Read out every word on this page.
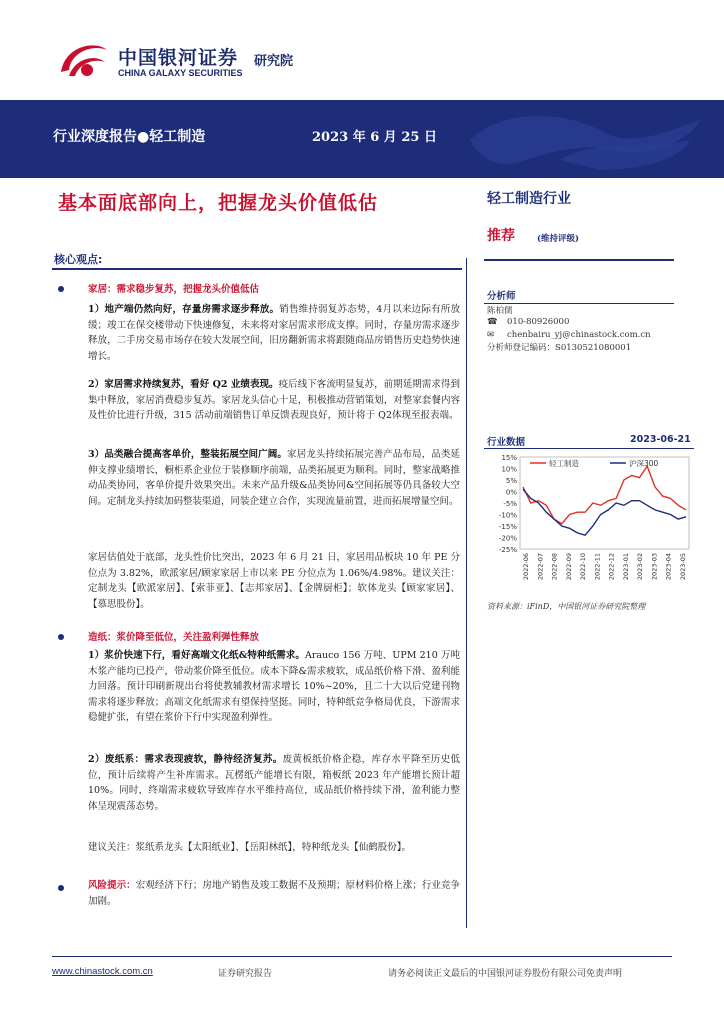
中国银河证券
CHINA GALAXY SECURITIES
研究院
行业深度报告●轻工制造	2023 年 6 月 25 日
基本面底部向上，把握龙头价值低估
核心观点:
家居：需求稳步复苏，把握龙头价值低估
1）地产端仍然向好，存量房需求逐步释放。销售维持弱复苏态势，4月以来边际有所放缓；竣工在保交楼带动下快速修复，未来将对家居需求形成支撑。同时，存量房需求逐步释放，二手房交易市场存在较大发展空间，旧房翻新需求将跟随商品房销售历史趋势快速增长。
2）家居需求持续复苏，看好 Q2 业绩表现。疫后线下客流明显复苏，前期延期需求得到集中释放，家居消费稳步复苏。家居龙头信心十足，积极推动营销策划，对整家套餐内容及性价比进行升级，315 活动前端销售订单反馈表现良好，预计将于 Q2体现至报表端。
3）品类融合提高客单价，整装拓展空间广阔。家居龙头持续拓展完善产品布局，品类延伸支撑业绩增长，橱柜系企业位于装修顺序前端，品类拓展更为顺利。同时，整家战略推动品类协同，客单价提升效果突出。未来产品升级&品类协同&空间拓展等仍具备较大空间。定制龙头持续加码整装渠道，同装企建立合作，实现流量前置，进而拓展增量空间。
家居估值处于底部，龙头性价比突出，2023 年 6 月 21 日，家居用品板块 10 年 PE 分位点为 3.82%，欧派家居/顾家家居上市以来 PE 分位点为 1.06%/4.98%。建议关注：定制龙头【欧派家居】、【索菲亚】、【志邦家居】、【金牌厨柜】；软体龙头【顾家家居】、【慕思股份】。
造纸：浆价降至低位，关注盈利弹性释放
1）浆价快速下行，看好高端文化纸&特种纸需求。Arauco 156 万吨、UPM 210 万吨木浆产能均已投产，带动浆价降至低位。成本下降&需求疲软，成品纸价格下滑、盈利能力回落。预计印刷新规出台将使教辅教材需求增长 10%~20%，且二十大以后党建刊物需求将逐步释放；高端文化纸需求有望保持坚挺。同时，特种纸竞争格局优良，下游需求稳健扩张，有望在浆价下行中实现盈利弹性。
2）废纸系：需求表现疲软，静待经济复苏。废黄板纸价格企稳，库存水平降至历史低位，预计后续将产生补库需求。瓦楞纸产能增长有限，箱板纸 2023 年产能增长预计超 10%。同时，终端需求疲软导致库存水平维持高位，成品纸价格持续下滑，盈利能力整体呈现震荡态势。
建议关注：浆纸系龙头【太阳纸业】、【岳阳林纸】，特种纸龙头【仙鹤股份】。
风险提示：宏观经济下行；房地产销售及竣工数据不及预期；原材料价格上涨；行业竞争加剧。
轻工制造行业
推荐	(维持评级)
分析师
陈柏儒
☎ 010-80926000
✉ chenbairu_yj@chinastock.com.cn
分析师登记编码：S0130521080001
行业数据	2023-06-21
15%
10%
5%
0%
-5%
-10%
-15%
-20%
-25%
2022-06 2022-07 2022-08 2022-09 2022-10 2022-11 2022-12 2023-01 2023-02 2023-03 2023-04 2023-05
轻工制造	沪深300
资料来源：iFinD，中国银河证券研究院整理
www.chinastock.com.cn	证券研究报告	请务必阅读正文最后的中国银河证券股份有限公司免责声明
